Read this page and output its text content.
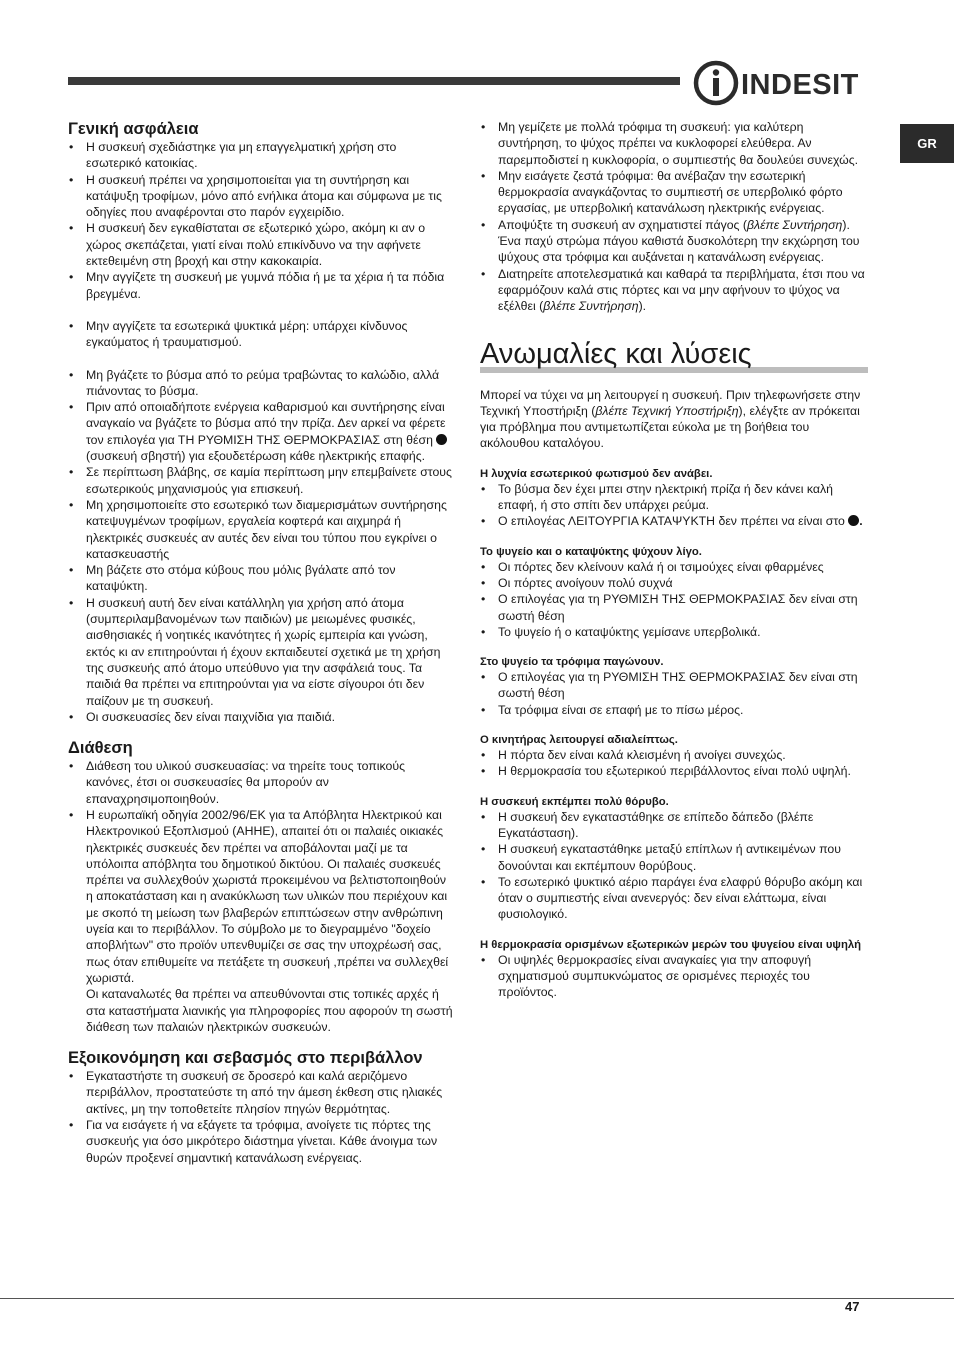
INDESIT
GR
Γενική ασφάλεια
• Η συσκευή σχεδιάστηκε για μη επαγγελματική χρήση στο εσωτερικό κατοικίας.
• Η συσκευή πρέπει να χρησιμοποιείται για τη συντήρηση και κατάψυξη τροφίμων, μόνο από ενήλικα άτομα και σύμφωνα με τις οδηγίες που αναφέρονται στο παρόν εγχειρίδιο.
• Η συσκευή δεν εγκαθίσταται σε εξωτερικό χώρο, ακόμη κι αν ο χώρος σκεπάζεται, γιατί είναι πολύ επικίνδυνο να την αφήνετε εκτεθειμένη στη βροχή και στην κακοκαιρία.
• Μην αγγίζετε τη συσκευή με γυμνά πόδια ή με τα χέρια ή τα πόδια βρεγμένα.
• Μην αγγίζετε τα εσωτερικά ψυκτικά μέρη: υπάρχει κίνδυνος εγκαύματος ή τραυματισμού.
• Μη βγάζετε το βύσμα από το ρεύμα τραβώντας το καλώδιο, αλλά πιάνοντας το βύσμα.
• Πριν από οποιαδήποτε ενέργεια καθαρισμού και συντήρησης είναι αναγκαίο να βγάζετε το βύσμα από την πρίζα. Δεν αρκεί να φέρετε τον επιλογέα για ΤΗ ΡΥΘΜΙΣΗ ΤΗΣ ΘΕΡΜΟΚΡΑΣΙΑΣ στη θέση  (συσκευή σβηστή) για εξουδετέρωση κάθε ηλεκτρικής επαφής.
• Σε περίπτωση βλάβης, σε καμία περίπτωση μην επεμβαίνετε στους εσωτερικούς μηχανισμούς για επισκευή.
• Μη χρησιμοποιείτε στο εσωτερικό των διαμερισμάτων συντήρησης κατεψυγμένων τροφίμων, εργαλεία κοφτερά και αιχμηρά ή ηλεκτρικές συσκευές αν αυτές δεν είναι του τύπου που εγκρίνει ο κατασκευαστής
• Μη βάζετε στο στόμα κύβους που μόλις βγάλατε από τον καταψύκτη.
• Η συσκευή αυτή δεν είναι κατάλληλη για χρήση από άτομα (συμπεριλαμβανομένων των παιδιών) με μειωμένες φυσικές, αισθησιακές ή νοητικές ικανότητες ή χωρίς εμπειρία και γνώση, εκτός κι αν επιτηρούνται ή έχουν εκπαιδευτεί σχετικά με τη χρήση της συσκευής από άτομο υπεύθυνο για την ασφάλειά τους. Τα παιδιά θα πρέπει να επιτηρούνται για να είστε σίγουροι ότι δεν παίζουν με τη συσκευή.
• Οι συσκευασίες δεν είναι παιχνίδια για παιδιά.
Διάθεση
• Διάθεση του υλικού συσκευασίας: να τηρείτε τους τοπικούς κανόνες, έτσι οι συσκευασίες θα μπορούν αν επαναχρησιμοποιηθούν.
• Η ευρωπαϊκή οδηγία 2002/96/ΕΚ για τα Απόβλητα Ηλεκτρικού και Ηλεκτρονικού Εξοπλισμού (ΑΗΗΕ), απαιτεί ότι οι παλαιές οικιακές ηλεκτρικές συσκευές δεν πρέπει να αποβάλονται μαζί με τα υπόλοιπα απόβλητα του δημοτικού δικτύου. Οι παλαιές συσκευές πρέπει να συλλεχθούν χωριστά προκειμένου να βελτιστοποιηθούν η αποκατάσταση και η ανακύκλωση των υλικών που περιέχουν και με σκοπό τη μείωση των βλαβερών επιπτώσεων στην ανθρώπινη υγεία και το περιβάλλον. Το σύμβολο με το διεγραμμένο "δοχείο αποβλήτων" στο προϊόν υπενθυμίζει σε σας την υποχρέωσή σας, πως όταν επιθυμείτε να πετάξετε τη συσκευή ,πρέπει να συλλεχθεί χωριστά.
Οι καταναλωτές θα πρέπει να απευθύνονται στις τοπικές αρχές ή στα καταστήματα λιανικής για πληροφορίες που αφορούν τη σωστή διάθεση των παλαιών ηλεκτρικών συσκευών.
Εξοικονόμηση και σεβασμός στο περιβάλλον
• Εγκαταστήστε τη συσκευή σε δροσερό και καλά αεριζόμενο περιβάλλον, προστατεύστε τη από την άμεση έκθεση στις ηλιακές ακτίνες, μη την τοποθετείτε πλησίον πηγών θερμότητας.
• Για να εισάγετε ή να εξάγετε τα τρόφιμα, ανοίγετε τις πόρτες της συσκευής για όσο μικρότερο διάστημα γίνεται. Κάθε άνοιγμα των θυρών προξενεί σημαντική κατανάλωση ενέργειας.
• Μη γεμίζετε με πολλά τρόφιμα τη συσκευή: για καλύτερη συντήρηση, το ψύχος πρέπει να κυκλοφορεί ελεύθερα. Αν παρεμποδιστεί η κυκλοφορία, ο συμπιεστής θα δουλεύει συνεχώς.
• Μην εισάγετε ζεστά τρόφιμα: θα ανέβαζαν την εσωτερική θερμοκρασία αναγκάζοντας το συμπιεστή σε υπερβολικό φόρτο εργασίας, με υπερβολική κατανάλωση ηλεκτρικής ενέργειας.
• Αποψύξτε τη συσκευή αν σχηματιστεί πάγος (βλέπε Συντήρηση). Ένα παχύ στρώμα πάγου καθιστά δυσκολότερη την εκχώρηση του ψύχους στα τρόφιμα και αυξάνεται η κατανάλωση ενέργειας.
• Διατηρείτε αποτελεσματικά και καθαρά τα περιβλήματα, έτσι που να εφαρμόζουν καλά στις πόρτες και να μην αφήνουν το ψύχος να εξέλθει (βλέπε Συντήρηση).
Ανωμαλίες και λύσεις
Μπορεί να τύχει να μη λειτουργεί η συσκευή. Πριν τηλεφωνήσετε στην Τεχνική Υποστήριξη (βλέπε Τεχνική Υποστήριξη), ελέγξτε αν πρόκειται για πρόβλημα που αντιμετωπίζεται εύκολα με τη βοήθεια του ακόλουθου καταλόγου.
Η λυχνία εσωτερικού φωτισμού δεν ανάβει.
• Το βύσμα δεν έχει μπει στην ηλεκτρική πρίζα ή δεν κάνει καλή επαφή, ή στο σπίτι δεν υπάρχει ρεύμα.
• Ο επιλογέας ΛΕΙΤΟΥΡΓΙΑ ΚΑΤΑΨΥΚΤΗ δεν πρέπει να είναι στο .
Το ψυγείο και ο καταψύκτης ψύχουν λίγο.
• Οι πόρτες δεν κλείνουν καλά ή οι τσιμούχες είναι φθαρμένες
• Οι πόρτες ανοίγουν πολύ συχνά
• Ο επιλογέας για τη ΡΥΘΜΙΣΗ ΤΗΣ ΘΕΡΜΟΚΡΑΣΙΑΣ δεν είναι στη σωστή θέση
• Το ψυγείο ή ο καταψύκτης γεμίσανε υπερβολικά.
Στο ψυγείο τα τρόφιμα παγώνουν.
• Ο επιλογέας για τη ΡΥΘΜΙΣΗ ΤΗΣ ΘΕΡΜΟΚΡΑΣΙΑΣ δεν είναι στη σωστή θέση
• Τα τρόφιμα είναι σε επαφή με το πίσω μέρος.
Ο κινητήρας λειτουργεί αδιαλείπτως.
• Η πόρτα δεν είναι καλά κλεισμένη ή ανοίγει συνεχώς.
• Η θερμοκρασία του εξωτερικού περιβάλλοντος είναι πολύ υψηλή.
Η συσκευή εκπέμπει πολύ θόρυβο.
• Η συσκευή δεν εγκαταστάθηκε σε επίπεδο δάπεδο (βλέπε Εγκατάσταση).
• Η συσκευή εγκαταστάθηκε μεταξύ επίπλων ή αντικειμένων που δονούνται και εκπέμπουν θορύβους.
• Το εσωτερικό ψυκτικό αέριο παράγει ένα ελαφρύ θόρυβο ακόμη και όταν ο συμπιεστής είναι ανενεργός: δεν είναι ελάττωμα, είναι φυσιολογικό.
Η θερμοκρασία ορισμένων εξωτερικών μερών του ψυγείου είναι υψηλή
• Οι υψηλές θερμοκρασίες είναι αναγκαίες για την αποφυγή σχηματισμού συμπυκνώματος σε ορισμένες περιοχές του προϊόντος.
47
